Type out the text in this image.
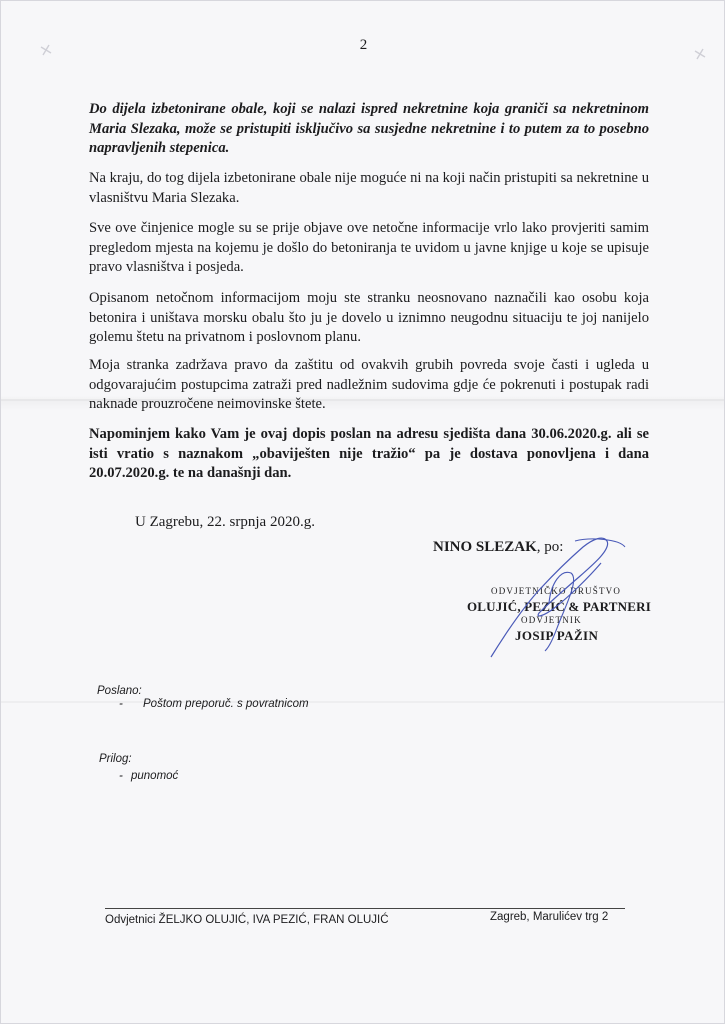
2

Do dijela izbetonirane obale, koji se nalazi ispred nekretnine koja graniči sa nekretninom Maria Slezaka, može se pristupiti isključivo sa susjedne nekretnine i to putem za to posebno napravljenih stepenica.

Na kraju, do tog dijela izbetonirane obale nije moguće ni na koji način pristupiti sa nekretnine u vlasništvu Maria Slezaka.

Sve ove činjenice mogle su se prije objave ove netočne informacije vrlo lako provjeriti samim pregledom mjesta na kojemu je došlo do betoniranja te uvidom u javne knjige u koje se upisuje pravo vlasništva i posjeda.

Opisanom netočnom informacijom moju ste stranku neosnovano naznačili kao osobu koja betonira i uništava morsku obalu što ju je dovelo u iznimno neugodnu situaciju te joj nanijelo golemu štetu na privatnom i poslovnom planu.

Moja stranka zadržava pravo da zaštitu od ovakvih grubih povreda svoje časti i ugleda u odgovarajućim postupcima zatraži pred nadležnim sudovima gdje će pokrenuti i postupak radi naknade prouzročene neimovinske štete.

Napominjem kako Vam je ovaj dopis poslan na adresu sjedišta dana 30.06.2020.g. ali se isti vratio s naznakom „obaviješten nije tražio“ pa je dostava ponovljena i dana 20.07.2020.g. te na današnji dan.

U Zagrebu, 22. srpnja 2020.g.
NINO SLEZAK, po:
ODVJETNIČKO DRUŠTVO
OLUJIĆ, PEZIĆ & PARTNERI
ODVJETNIK
JOSIP PAŽIN
Poslano:
- Poštom preporuč. s povratnicom
Prilog:
- punomoć
Odvjetnici ŽELJKO OLUJIĆ, IVA PEZIĆ, FRAN OLUJIĆ	Zagreb, Marulićev trg 2
